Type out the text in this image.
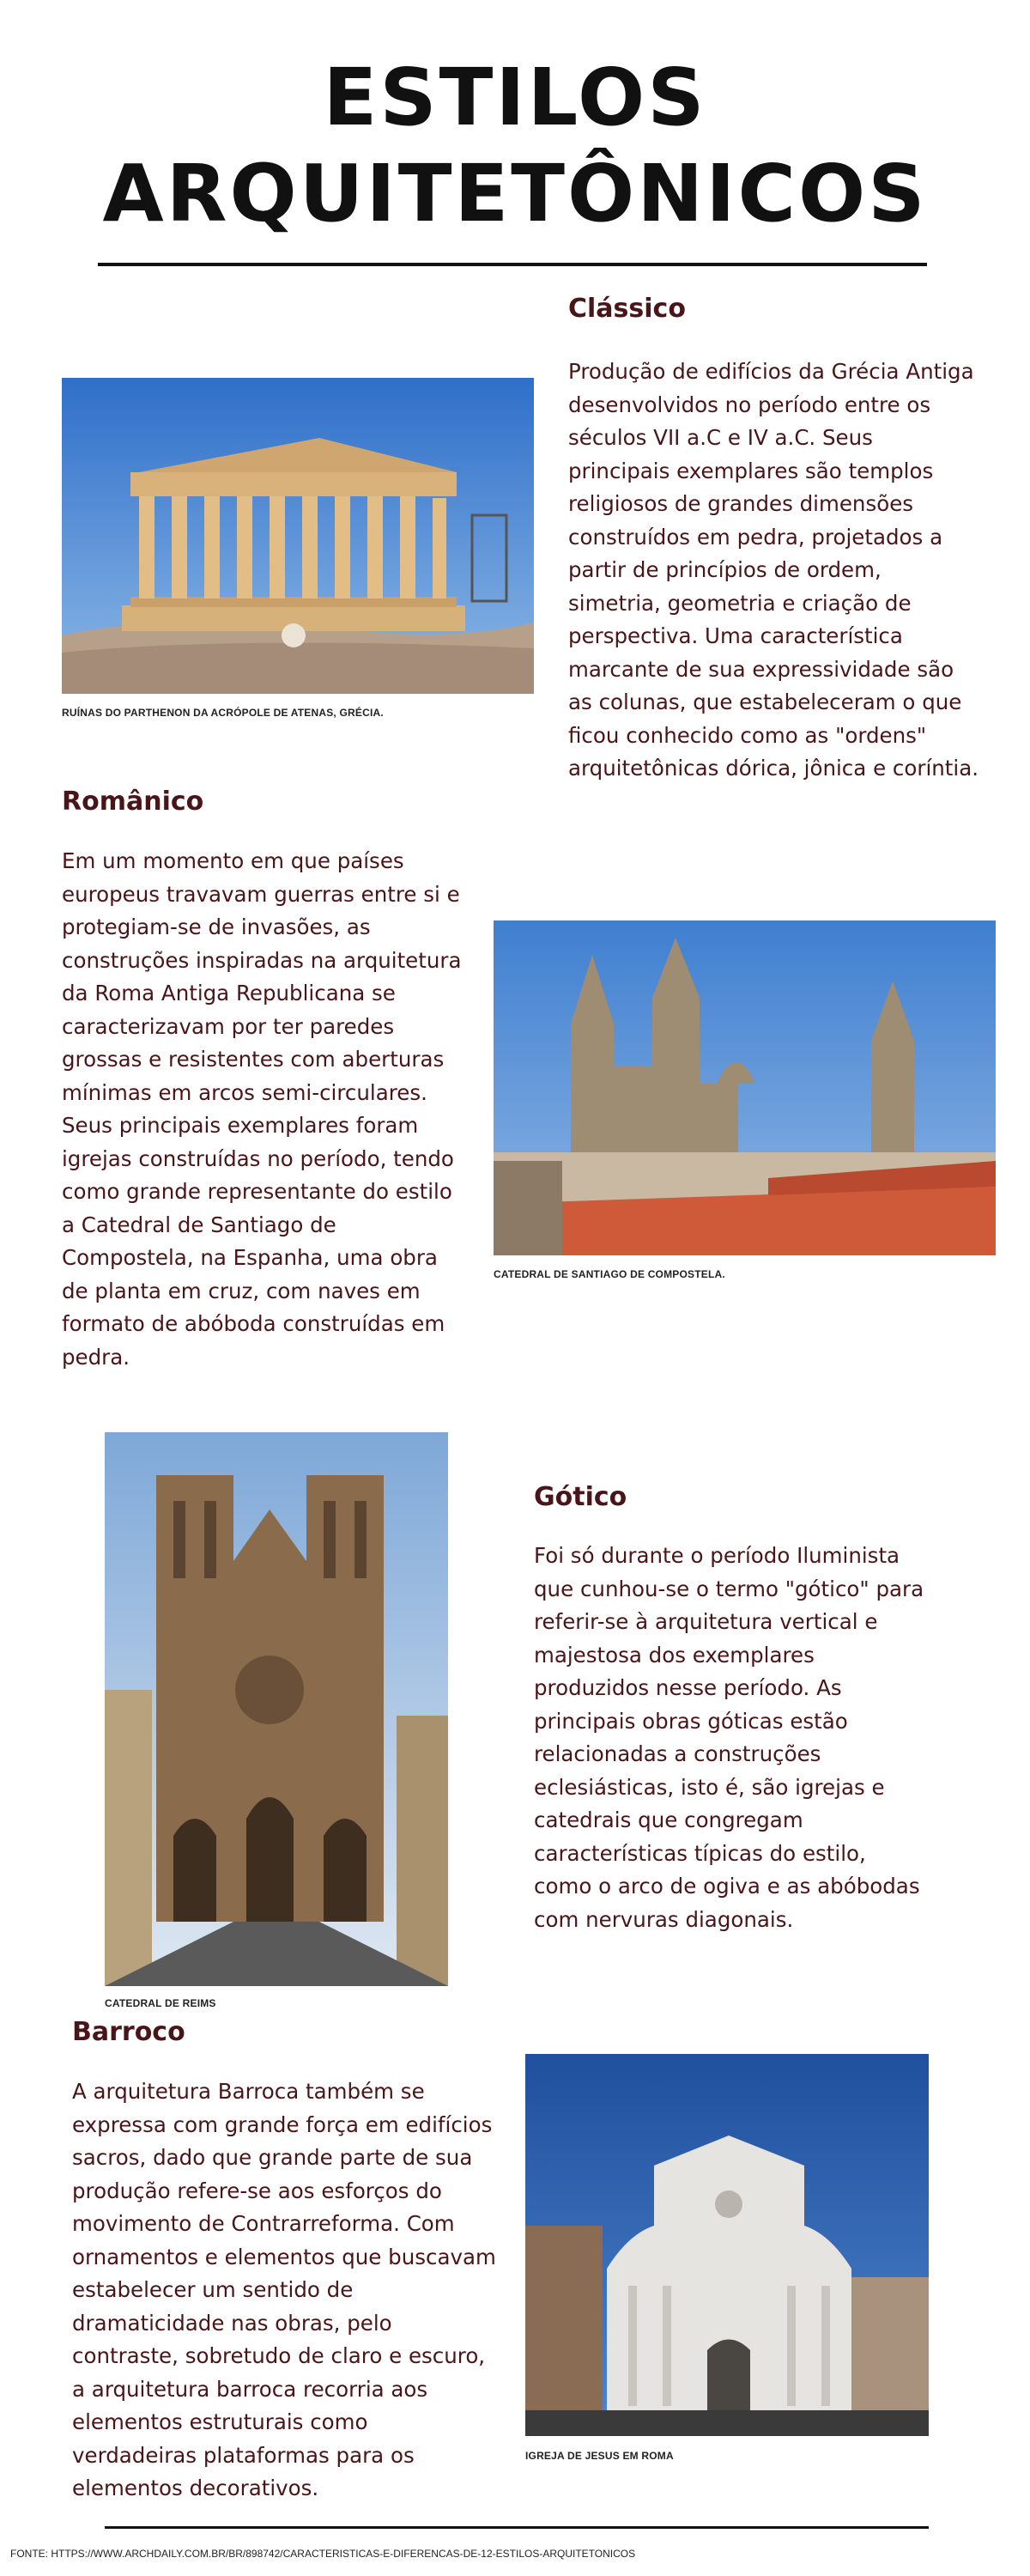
ESTILOS
ARQUITETÔNICOS
Clássico

Produção de edifícios da Grécia Antiga desenvolvidos no período entre os séculos VII a.C e IV a.C. Seus principais exemplares são templos religiosos de grandes dimensões construídos em pedra, projetados a partir de princípios de ordem, simetria, geometria e criação de perspectiva. Uma característica marcante de sua expressividade são as colunas, que estabeleceram o que ficou conhecido como as "ordens" arquitetônicas dórica, jônica e coríntia.

RUÍNAS DO PARTHENON DA ACRÓPOLE DE ATENAS, GRÉCIA.

Românico

Em um momento em que países europeus travavam guerras entre si e protegiam-se de invasões, as construções inspiradas na arquitetura da Roma Antiga Republicana se caracterizavam por ter paredes grossas e resistentes com aberturas mínimas em arcos semi-circulares. Seus principais exemplares foram igrejas construídas no período, tendo como grande representante do estilo a Catedral de Santiago de Compostela, na Espanha, uma obra de planta em cruz, com naves em formato de abóboda construídas em pedra.

CATEDRAL DE SANTIAGO DE COMPOSTELA.

CATEDRAL DE REIMS

Gótico

Foi só durante o período Iluminista que cunhou-se o termo "gótico" para referir-se à arquitetura vertical e majestosa dos exemplares produzidos nesse período. As principais obras góticas estão relacionadas a construções eclesiásticas, isto é, são igrejas e catedrais que congregam características típicas do estilo, como o arco de ogiva e as abóbodas com nervuras diagonais.

Barroco

A arquitetura Barroca também se expressa com grande força em edifícios sacros, dado que grande parte de sua produção refere-se aos esforços do movimento de Contrarreforma. Com ornamentos e elementos que buscavam estabelecer um sentido de dramaticidade nas obras, pelo contraste, sobretudo de claro e escuro, a arquitetura barroca recorria aos elementos estruturais como verdadeiras plataformas para os elementos decorativos.

IGREJA DE JESUS EM ROMA

FONTE: HTTPS://WWW.ARCHDAILY.COM.BR/BR/898742/CARACTERISTICAS-E-DIFERENCAS-DE-12-ESTILOS-ARQUITETONICOS
